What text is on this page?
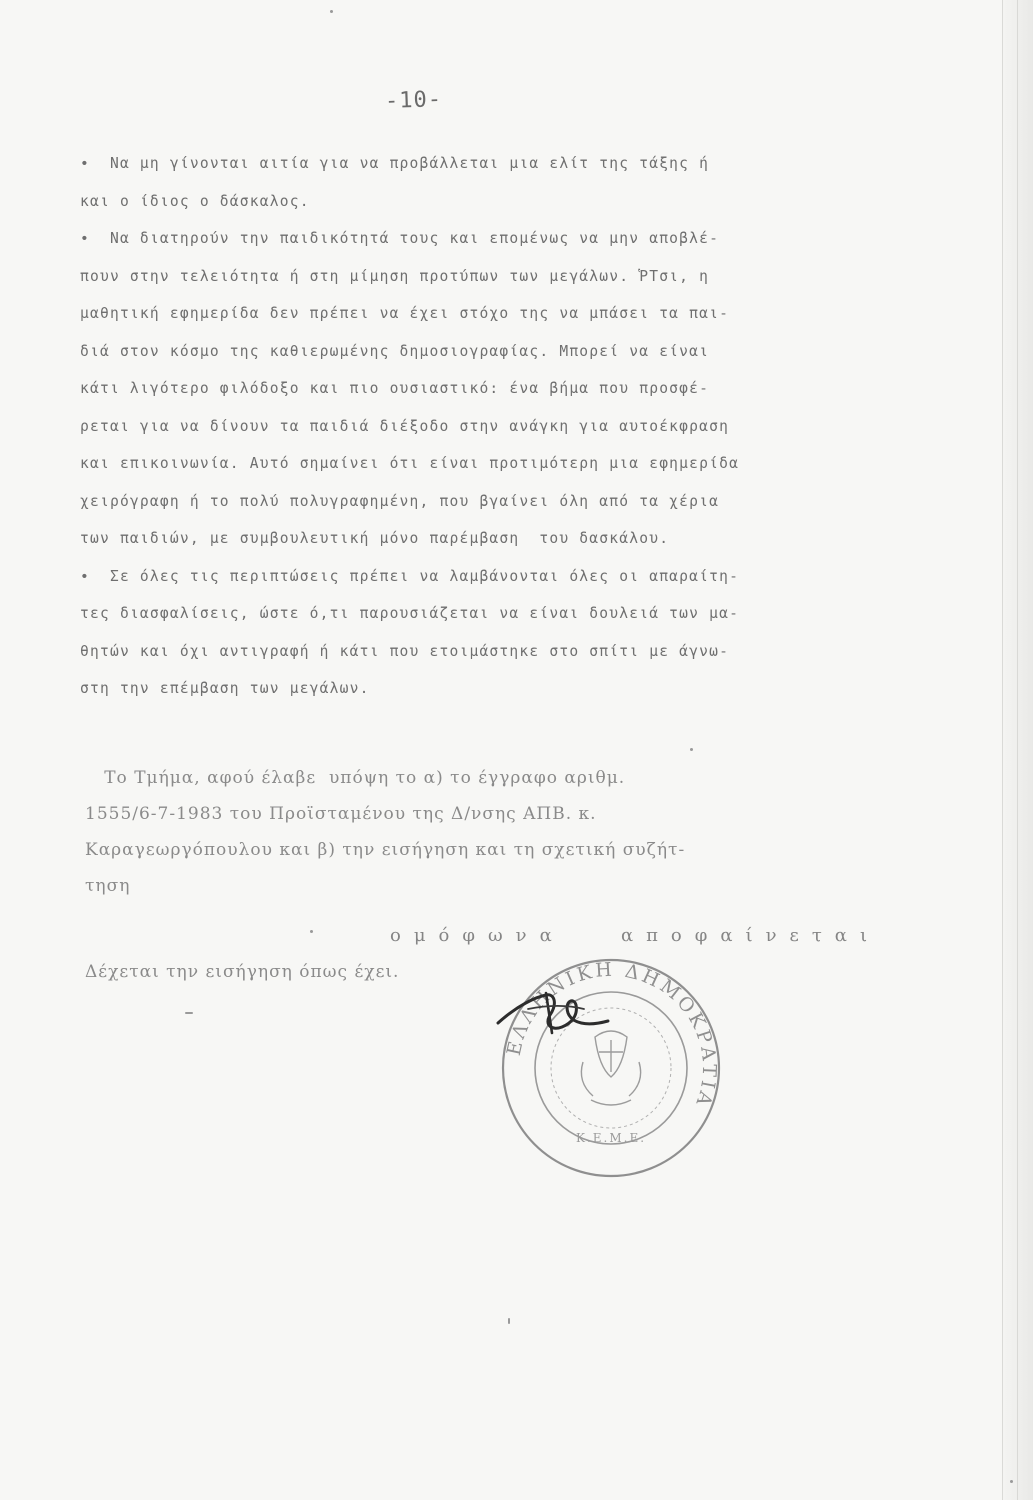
-10-
•  Να μη γίνονται αιτία για να προβάλλεται μια ελίτ της τάξης ή
και ο ίδιος ο δάσκαλος.
•  Να διατηρούν την παιδικότητά τους και επομένως να μην αποβλέ-
πουν στην τελειότητα ή στη μίμηση προτύπων των μεγάλων. ῬΤσι, η
μαθητική εφημερίδα δεν πρέπει να έχει στόχο της να μπάσει τα παι-
διά στον κόσμο της καθιερωμένης δημοσιογραφίας. Μπορεί να είναι
κάτι λιγότερο φιλόδοξο και πιο ουσιαστικό: ένα βήμα που προσφέ-
ρεται για να δίνουν τα παιδιά διέξοδο στην ανάγκη για αυτοέκφραση
και επικοινωνία. Αυτό σημαίνει ότι είναι προτιμότερη μια εφημερίδα
χειρόγραφη ή το πολύ πολυγραφημένη, που βγαίνει όλη από τα χέρια
των παιδιών, με συμβουλευτική μόνο παρέμβαση  του δασκάλου.
•  Σε όλες τις περιπτώσεις πρέπει να λαμβάνονται όλες οι απαραίτη-
τες διασφαλίσεις, ώστε ό,τι παρουσιάζεται να είναι δουλειά των μα-
θητών και όχι αντιγραφή ή κάτι που ετοιμάστηκε στο σπίτι με άγνω-
στη την επέμβαση των μεγάλων.
Το Τμήμα, αφού έλαβε  υπόψη το α) το έγγραφο αριθμ.
1555/6-7-1983 του Προϊσταμένου της Δ/νσης ΑΠΒ. κ.
Καραγεωργόπουλου και β) την εισήγηση και τη σχετική συζήτ-
τηση
ομόφωνα	αποφαίνεται
Δέχεται την εισήγηση όπως έχει.
ΕΛΛΗΝΙΚΗ ΔΗΜΟΚΡΑΤΙΑ
Κ.Ε.Μ.Ε.
